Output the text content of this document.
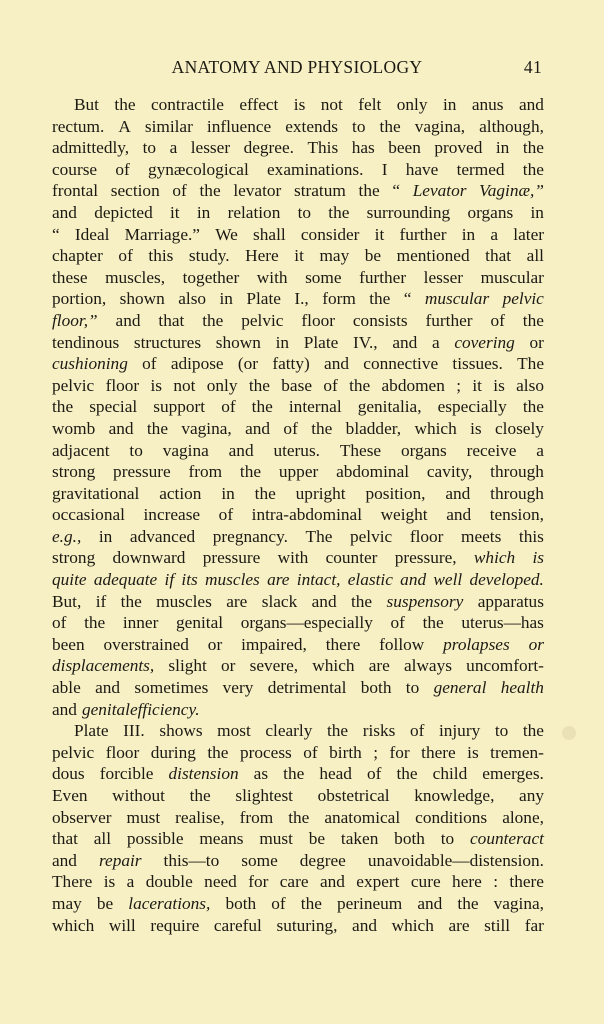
ANATOMY AND PHYSIOLOGY	41
But the contractile effect is not felt only in anus and
rectum. A similar influence extends to the vagina, although,
admittedly, to a lesser degree. This has been proved in the
course of gynæcological examinations. I have termed the
frontal section of the levator stratum the “ Levator Vaginæ,”
and depicted it in relation to the surrounding organs in
“ Ideal Marriage.” We shall consider it further in a later
chapter of this study. Here it may be mentioned that all
these muscles, together with some further lesser muscular
portion, shown also in Plate I., form the “ muscular pelvic
floor,” and that the pelvic floor consists further of the
tendinous structures shown in Plate IV., and a covering or
cushioning of adipose (or fatty) and connective tissues. The
pelvic floor is not only the base of the abdomen ; it is also
the special support of the internal genitalia, especially the
womb and the vagina, and of the bladder, which is closely
adjacent to vagina and uterus. These organs receive a
strong pressure from the upper abdominal cavity, through
gravitational action in the upright position, and through
occasional increase of intra-abdominal weight and tension,
e.g., in advanced pregnancy. The pelvic floor meets this
strong downward pressure with counter pressure, which is
quite adequate if its muscles are intact, elastic and well developed.
But, if the muscles are slack and the suspensory apparatus
of the inner genital organs—especially of the uterus—has
been overstrained or impaired, there follow prolapses or
displacements, slight or severe, which are always uncomfort-
able and sometimes very detrimental both to general health
and genital efficiency.
Plate III. shows most clearly the risks of injury to the
pelvic floor during the process of birth ; for there is tremen-
dous forcible distension as the head of the child emerges.
Even without the slightest obstetrical knowledge, any
observer must realise, from the anatomical conditions alone,
that all possible means must be taken both to counteract
and repair this—to some degree unavoidable—distension.
There is a double need for care and expert cure here : there
may be lacerations, both of the perineum and the vagina,
which will require careful suturing, and which are still far
